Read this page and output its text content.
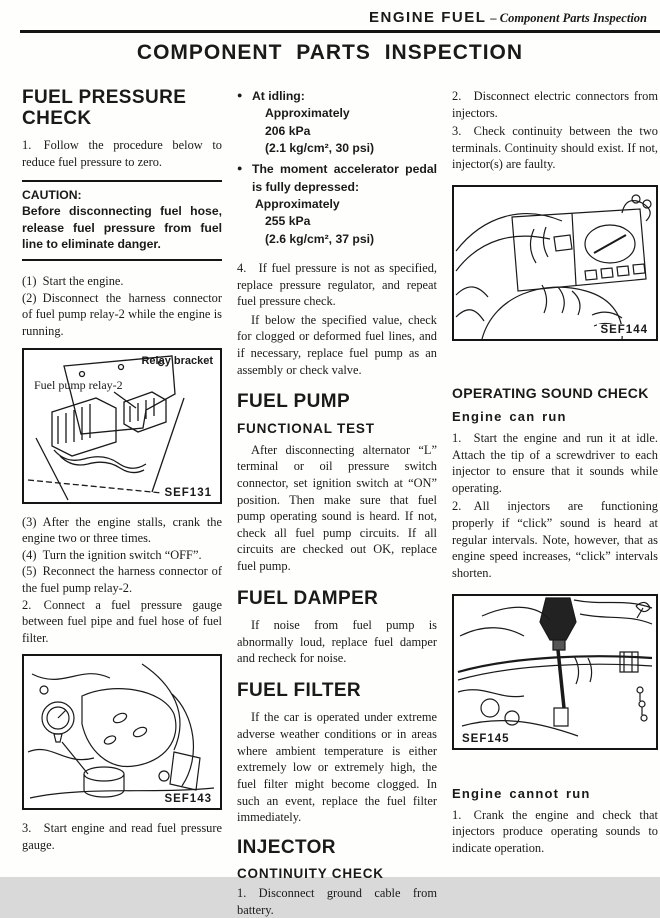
ENGINE FUEL – Component Parts Inspection
COMPONENT PARTS INSPECTION
FUEL PRESSURE CHECK

1.  Follow the procedure below to reduce fuel pressure to zero.

CAUTION:
Before disconnecting fuel hose, release fuel pressure from fuel line to eliminate danger.

(1) Start the engine.

(2) Disconnect the harness connector of fuel pump relay-2 while the engine is running.

Relay bracket
Fuel pump relay-2
SEF131

(3) After the engine stalls, crank the engine two or three times.

(4) Turn the ignition switch “OFF”.

(5) Reconnect the harness connector of the fuel pump relay-2.

2.  Connect a fuel pressure gauge between fuel pipe and fuel hose of fuel filter.

SEF143

3.  Start engine and read fuel pressure gauge.

● At idling:
Approximately
206 kPa
(2.1 kg/cm², 30 psi)
● The moment accelerator pedal is fully depressed:
Approximately
255 kPa
(2.6 kg/cm², 37 psi)

4.  If fuel pressure is not as specified, replace pressure regulator, and repeat fuel pressure check.

If below the specified value, check for clogged or deformed fuel lines, and if necessary, replace fuel pump as an assembly or check valve.

FUEL PUMP
FUNCTIONAL TEST

After disconnecting alternator “L” terminal or oil pressure switch connector, set ignition switch at “ON” position. Then make sure that fuel pump operating sound is heard. If not, check all fuel pump circuits. If all circuits are checked out OK, replace fuel pump.

FUEL DAMPER

If noise from fuel pump is abnormally loud, replace fuel damper and recheck for noise.

FUEL FILTER

If the car is operated under extreme adverse weather conditions or in areas where ambient temperature is either extremely low or extremely high, the fuel filter might become clogged. In such an event, replace the fuel filter immediately.

INJECTOR
CONTINUITY CHECK

1.  Disconnect ground cable from battery.

2.  Disconnect electric connectors from injectors.

3.  Check continuity between the two terminals. Continuity should exist. If not, injector(s) are faulty.

SEF144
OPERATING SOUND CHECK
Engine can run

1.  Start the engine and run it at idle. Attach the tip of a screwdriver to each injector to ensure that it sounds while operating.

2.  All injectors are functioning properly if “click” sound is heard at regular intervals. Note, however, that as engine speed increases, “click” intervals shorten.

SEF145
Engine cannot run

1.  Crank the engine and check that injectors produce operating sounds to indicate operation.
